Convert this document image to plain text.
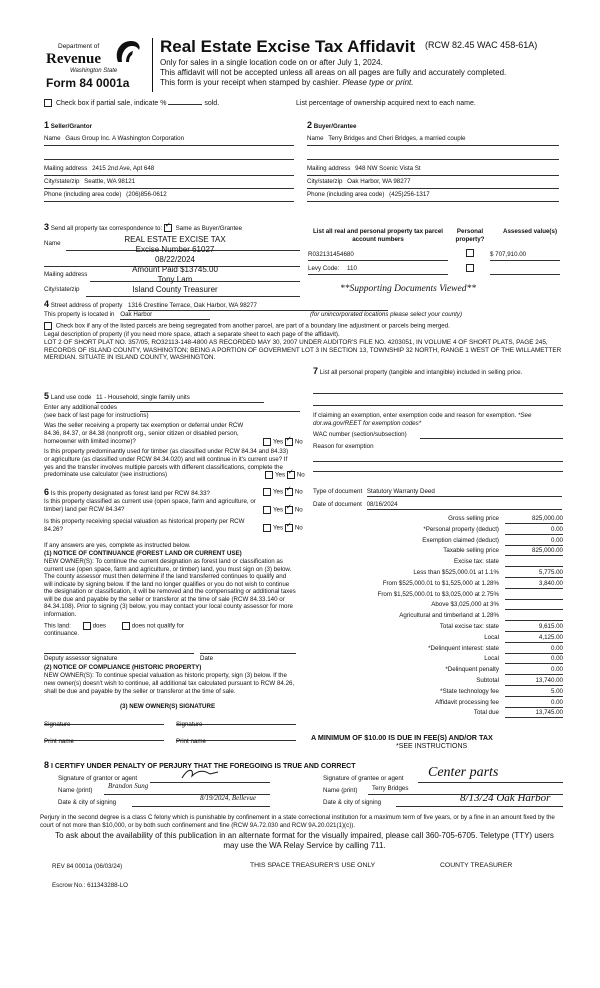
Department of
Revenue
Washington State
Form 84 0001a
Real Estate Excise Tax Affidavit (RCW 82.45 WAC 458-61A)
Only for sales in a single location code on or after July 1, 2024.
This affidavit will not be accepted unless all areas on all pages are fully and accurately completed.
This form is your receipt when stamped by cashier. Please type or print.
Check box if partial sale, indicate %	sold.	List percentage of ownership acquired next to each name.
1 Seller/Grantor
Name Gaus Group Inc. A Washington Corporation
Mailing address 2415 2nd Ave, Apt 648
City/state/zip Seattle, WA 98121
Phone (including area code) (206)856-0612
2 Buyer/Grantee
Name Terry Bridges and Cheri Bridges, a married couple
Mailing address 948 NW Scenic Vista St
City/state/zip Oak Harbor, WA 98277
Phone (including area code) (425)256-1317
3 Send all property tax correspondence to: ✓ Same as Buyer/Grantee
Name
Mailing address
City/state/zip
REAL ESTATE EXCISE TAX
Excise Number 61027
08/22/2024
Amount Paid $13745.00
Tony Lam
Island County Treasurer
List all real and personal property tax parcel account numbers
Personal property?
Assessed value(s)
R032131454680	$ 707,910.00
Levy Code: 110
**Supporting Documents Viewed**
4 Street address of property 1316 Crestline Terrace, Oak Harbor, WA 98277
This property is located in Oak Harbor	(for unincorporated locations please select your county)
Check box if any of the listed parcels are being segregated from another parcel, are part of a boundary line adjustment or parcels being merged.
Legal description of property (if you need more space, attach a separate sheet to each page of the affidavit).
LOT 2 OF SHORT PLAT NO. 357/05, RO32113-148-4800 AS RECORDED MAY 30, 2007 UNDER AUDITOR'S FILE NO. 4203051, IN VOLUME 4 OF SHORT PLATS, PAGE 245, RECORDS OF ISLAND COUNTY, WASHINGTON; BEING A PORTION OF GOVERMENT LOT 3 IN SECTION 13, TOWNSHIP 32 NORTH, RANGE 1 WEST OF THE WILLAMETTER MERIDIAN. SITUATE IN ISLAND COUNTY, WASHINGTON.
5 Land use code 11 - Household, single family units
Enter any additional codes
(see back of last page for instructions)
Was the seller receiving a property tax exemption or deferral under RCW 84.36, 84.37, or 84.38 (nonprofit org., senior citizen or disabled person, homeowner with limited income)?	Yes ✓ No
Is this property predominantly used for timber (as classified under RCW 84.34 and 84.33) or agriculture (as classified under RCW 84.34.020) and will continue in it's current use? If yes and the transfer involves multiple parcels with different classifications, complete the predominate use calculator (see instructions)	Yes ✓ No
7 List all personal property (tangible and intangible) included in selling price.
If claiming an exemption, enter exemption code and reason for exemption. *See dor.wa.gov/REET for exemption codes*
WAC number (section/subsection)
Reason for exemption
6 Is this property designated as forest land per RCW 84.33?	Yes ✓ No
Is this property classified as current use (open space, farm and agriculture, or timber) land per RCW 84.34?	Yes ✓ No
Is this property receiving special valuation as historical property per RCW 84.26?	Yes ✓ No
If any answers are yes, complete as instructed below.
(1) NOTICE OF CONTINUANCE (FOREST LAND OR CURRENT USE)
NEW OWNER(S): To continue the current designation as forest land or classification as current use (open space, farm and agriculture, or timber) land, you must sign on (3) below. The county assessor must then determine if the land transferred continues to qualify and will indicate by signing below. If the land no longer qualifies or you do not wish to continue the designation or classification, it will be removed and the compensating or additional taxes will be due and payable by the seller or transferor at the time of sale (RCW 84.33.140 or 84.34.108). Prior to signing (3) below, you may contact your local county assessor for more information.
This land:	does	does not qualify for
continuance.
Deputy assessor signature	Date
(2) NOTICE OF COMPLIANCE (HISTORIC PROPERTY)
NEW OWNER(S): To continue special valuation as historic property, sign (3) below. If the new owner(s) doesn't wish to continue, all additional tax calculated pursuant to RCW 84.26, shall be due and payable by the seller or transferor at the time of sale.
(3) NEW OWNER(S) SIGNATURE
Signature	Signature
Print name	Print name
Type of document Statutory Warranty Deed
Date of document 08/16/2024
Gross selling price	825,000.00
*Personal property (deduct)	0.00
Exemption claimed (deduct)	0.00
Taxable selling price	825,000.00
Excise tax: state
Less than $525,000.01 at 1.1%	5,775.00
From $525,000.01 to $1,525,000 at 1.28%	3,840.00
From $1,525,000.01 to $3,025,000 at 2.75%
Above $3,025,000 at 3%
Agricultural and timberland at 1.28%
Total excise tax: state	9,615.00
Local	4,125.00
*Delinquent interest: state	0.00
Local	0.00
*Delinquent penalty	0.00
Subtotal	13,740.00
*State technology fee	5.00
Affidavit processing fee	0.00
Total due	13,745.00
A MINIMUM OF $10.00 IS DUE IN FEE(S) AND/OR TAX
*SEE INSTRUCTIONS
8 I CERTIFY UNDER PENALTY OF PERJURY THAT THE FOREGOING IS TRUE AND CORRECT
Signature of grantor or agent
Name (print)
Brandon Sung
Date & city of signing
8/19/2024, Bellevue
Signature of grantee or agent Center parts
Name (print) Terry Bridges
Date & city of signing	8/13/24 Oak Harbor
Perjury in the second degree is a class C felony which is punishable by confinement in a state correctional institution for a maximum term of five years, or by a fine in an amount fixed by the court of not more than $10,000, or by both such confinement and fine (RCW 9A.72.030 and RCW 9A.20.021(1)(c)).
To ask about the availability of this publication in an alternate format for the visually impaired, please call 360-705-6705. Teletype (TTY) users may use the WA Relay Service by calling 711.
REV 84 0001a (06/03/24)	THIS SPACE TREASURER'S USE ONLY	COUNTY TREASURER
Escrow No.: 611343288-LO
